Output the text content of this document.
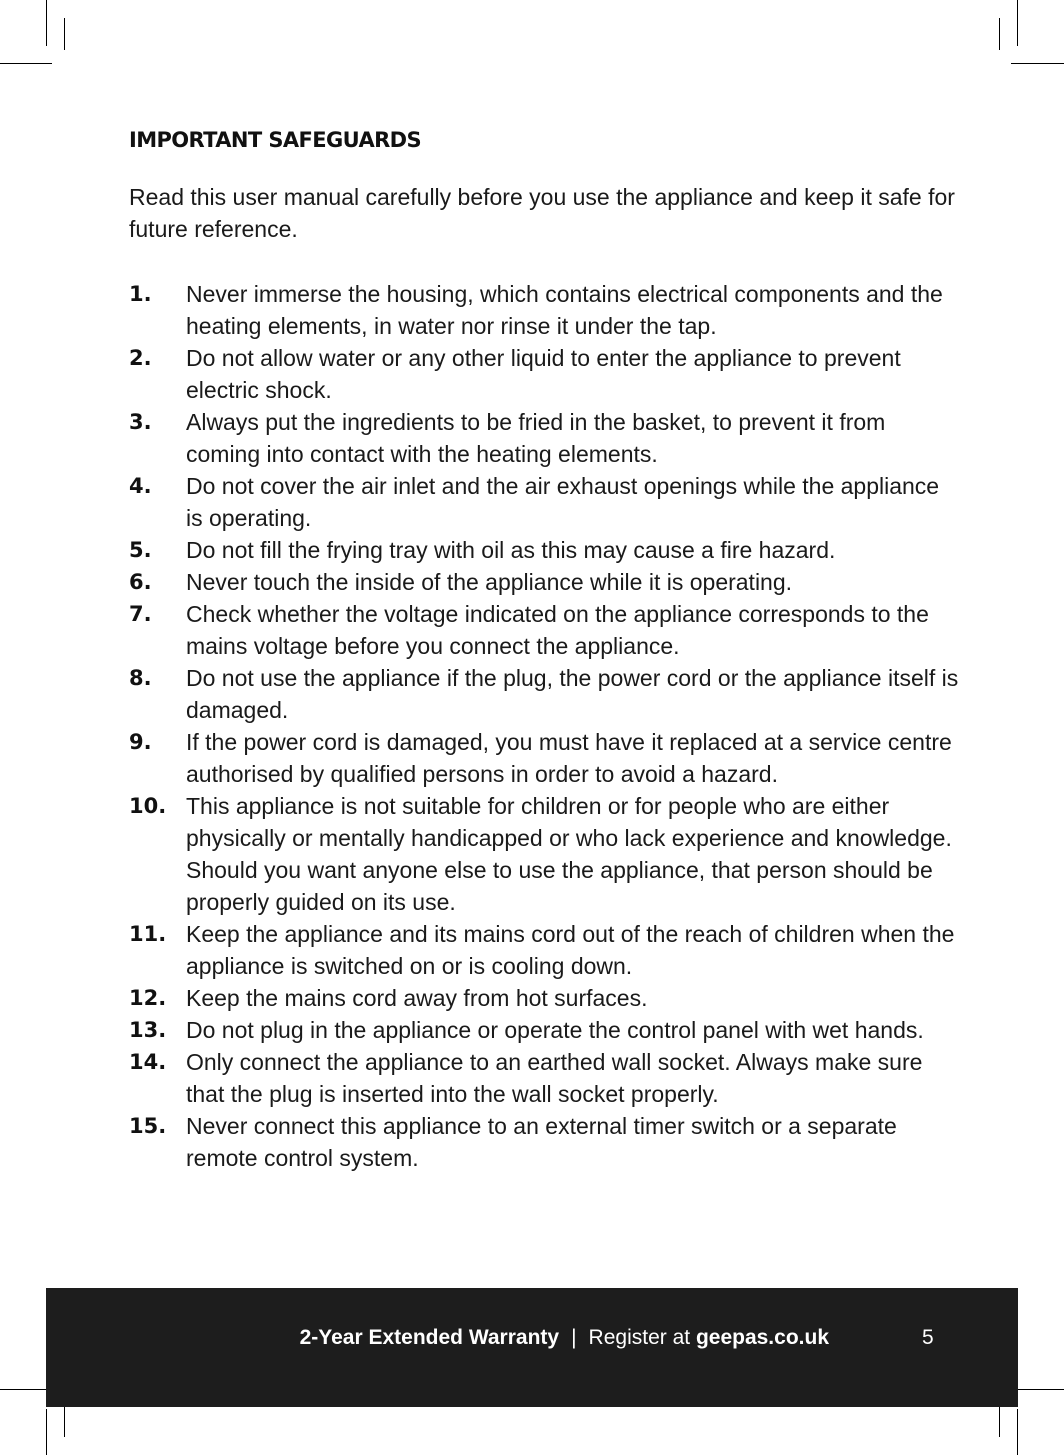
IMPORTANT SAFEGUARDS

Read this user manual carefully before you use the appliance and keep it safe for future reference.

1. Never immerse the housing, which contains electrical components and the heating elements, in water nor rinse it under the tap.
2. Do not allow water or any other liquid to enter the appliance to prevent electric shock.
3. Always put the ingredients to be fried in the basket, to prevent it from coming into contact with the heating elements.
4. Do not cover the air inlet and the air exhaust openings while the appliance is operating.
5. Do not fill the frying tray with oil as this may cause a fire hazard.
6. Never touch the inside of the appliance while it is operating.
7. Check whether the voltage indicated on the appliance corresponds to the mains voltage before you connect the appliance.
8. Do not use the appliance if the plug, the power cord or the appliance itself is damaged.
9. If the power cord is damaged, you must have it replaced at a service centre authorised by qualified persons in order to avoid a hazard.
10. This appliance is not suitable for children or for people who are either physically or mentally handicapped or who lack experience and knowledge. Should you want anyone else to use the appliance, that person should be properly guided on its use.
11. Keep the appliance and its mains cord out of the reach of children when the appliance is switched on or is cooling down.
12. Keep the mains cord away from hot surfaces.
13. Do not plug in the appliance or operate the control panel with wet hands.
14. Only connect the appliance to an earthed wall socket. Always make sure that the plug is inserted into the wall socket properly.
15. Never connect this appliance to an external timer switch or a separate remote control system.
2-Year Extended Warranty | Register at geepas.co.uk	5
